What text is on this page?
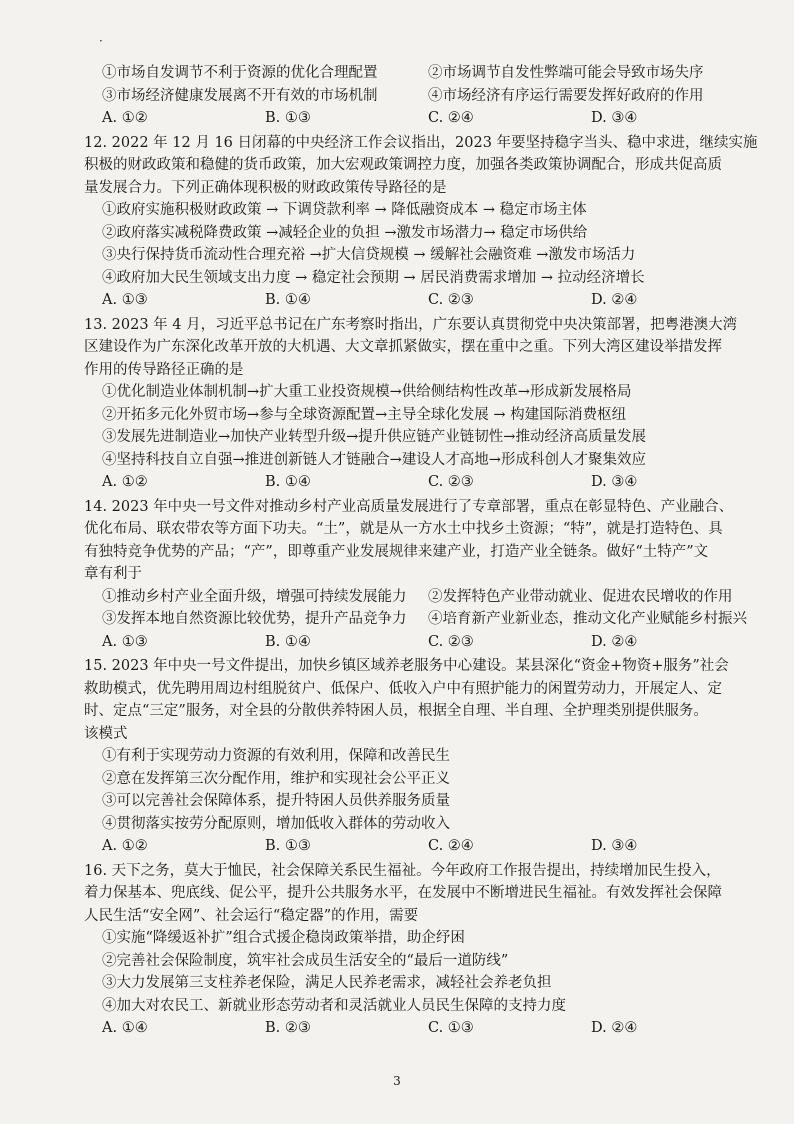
·
①市场自发调节不利于资源的优化合理配置	②市场调节自发性弊端可能会导致市场失序
③市场经济健康发展离不开有效的市场机制	④市场经济有序运行需要发挥好政府的作用
A. ①②	B. ①③	C. ②④	D. ③④
12. 2022 年 12 月 16 日闭幕的中央经济工作会议指出，2023 年要坚持稳字当头、稳中求进，继续实施
积极的财政政策和稳健的货币政策，加大宏观政策调控力度，加强各类政策协调配合，形成共促高质
量发展合力。下列正确体现积极的财政政策传导路径的是
①政府实施积极财政政策 → 下调贷款利率 → 降低融资成本 → 稳定市场主体
②政府落实减税降费政策 →减轻企业的负担 →激发市场潜力→ 稳定市场供给
③央行保持货币流动性合理充裕 →扩大信贷规模 → 缓解社会融资难 →激发市场活力
④政府加大民生领域支出力度 → 稳定社会预期 → 居民消费需求增加 → 拉动经济增长
A. ①③	B. ①④	C. ②③	D. ②④
13. 2023 年 4 月，习近平总书记在广东考察时指出，广东要认真贯彻党中央决策部署，把粤港澳大湾
区建设作为广东深化改革开放的大机遇、大文章抓紧做实，摆在重中之重。下列大湾区建设举措发挥
作用的传导路径正确的是
①优化制造业体制机制→扩大重工业投资规模→供给侧结构性改革→形成新发展格局
②开拓多元化外贸市场→参与全球资源配置→主导全球化发展 → 构建国际消费枢纽
③发展先进制造业→加快产业转型升级→提升供应链产业链韧性→推动经济高质量发展
④坚持科技自立自强→推进创新链人才链融合→建设人才高地→形成科创人才聚集效应
A. ①②	B. ①④	C. ②③	D. ③④
14. 2023 年中央一号文件对推动乡村产业高质量发展进行了专章部署，重点在彰显特色、产业融合、
优化布局、联农带农等方面下功夫。“土”，就是从一方水土中找乡土资源；“特”，就是打造特色、具
有独特竞争优势的产品；“产”，即尊重产业发展规律来建产业，打造产业全链条。做好“土特产”文
章有利于
①推动乡村产业全面升级，增强可持续发展能力	②发挥特色产业带动就业、促进农民增收的作用
③发挥本地自然资源比较优势，提升产品竞争力	④培育新产业新业态，推动文化产业赋能乡村振兴
A. ①③	B. ①④	C. ②③	D. ②④
15. 2023 年中央一号文件提出，加快乡镇区域养老服务中心建设。某县深化“资金+物资+服务”社会
救助模式，优先聘用周边村组脱贫户、低保户、低收入户中有照护能力的闲置劳动力，开展定人、定
时、定点“三定”服务，对全县的分散供养特困人员，根据全自理、半自理、全护理类别提供服务。
该模式
①有利于实现劳动力资源的有效利用，保障和改善民生
②意在发挥第三次分配作用，维护和实现社会公平正义
③可以完善社会保障体系，提升特困人员供养服务质量
④贯彻落实按劳分配原则，增加低收入群体的劳动收入
A. ①②	B. ①③	C. ②④	D. ③④
16. 天下之务，莫大于恤民，社会保障关系民生福祉。今年政府工作报告提出，持续增加民生投入，
着力保基本、兜底线、促公平，提升公共服务水平，在发展中不断增进民生福祉。有效发挥社会保障
人民生活“安全网”、社会运行“稳定器”的作用，需要
①实施“降缓返补扩”组合式援企稳岗政策举措，助企纾困
②完善社会保险制度，筑牢社会成员生活安全的“最后一道防线”
③大力发展第三支柱养老保险，满足人民养老需求，减轻社会养老负担
④加大对农民工、新就业形态劳动者和灵活就业人员民生保障的支持力度
A. ①④	B. ②③	C. ①③	D. ②④
3
